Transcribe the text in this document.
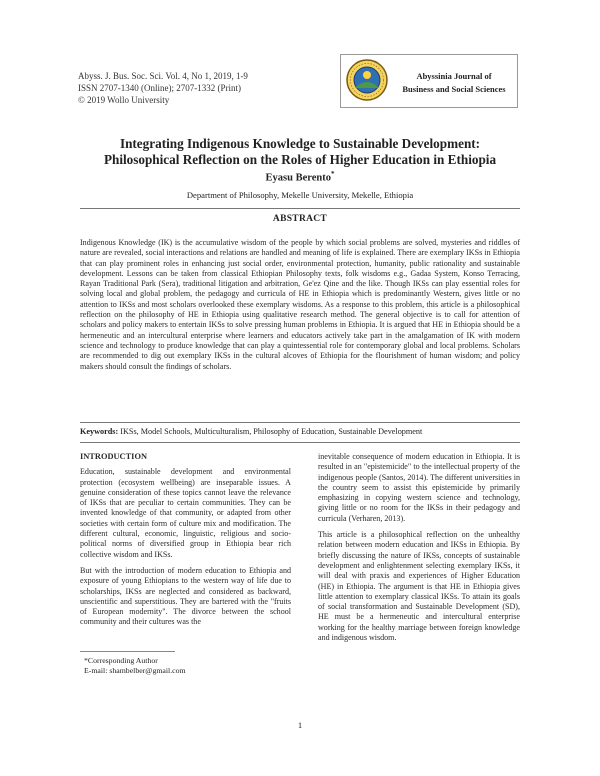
Abyss. J. Bus. Soc. Sci. Vol. 4, No 1, 2019, 1-9
ISSN 2707-1340 (Online); 2707-1332 (Print)
© 2019 Wollo University
Abyssinia Journal of
Business and Social Sciences
Integrating Indigenous Knowledge to Sustainable Development:
Philosophical Reflection on the Roles of Higher Education in Ethiopia
Eyasu Berento*
Department of Philosophy, Mekelle University, Mekelle, Ethiopia
ABSTRACT
Indigenous Knowledge (IK) is the accumulative wisdom of the people by which social problems are solved, mysteries and riddles of nature are revealed, social interactions and relations are handled and meaning of life is explained. There are exemplary IKSs in Ethiopia that can play prominent roles in enhancing just social order, environmental protection, humanity, public rationality and sustainable development. Lessons can be taken from classical Ethiopian Philosophy texts, folk wisdoms e.g., Gadaa System, Konso Terracing, Rayan Traditional Park (Sera), traditional litigation and arbitration, Ge'ez Qine and the like. Though IKSs can play essential roles for solving local and global problem, the pedagogy and curricula of HE in Ethiopia which is predominantly Western, gives little or no attention to IKSs and most scholars overlooked these exemplary wisdoms. As a response to this problem, this article is a philosophical reflection on the philosophy of HE in Ethiopia using qualitative research method. The general objective is to call for attention of scholars and policy makers to entertain IKSs to solve pressing human problems in Ethiopia. It is argued that HE in Ethiopia should be a hermeneutic and an intercultural enterprise where learners and educators actively take part in the amalgamation of IK with modern science and technology to produce knowledge that can play a quintessential role for contemporary global and local problems. Scholars are recommended to dig out exemplary IKSs in the cultural alcoves of Ethiopia for the flourishment of human wisdom; and policy makers should consult the findings of scholars.
Keywords: IKSs, Model Schools, Multiculturalism, Philosophy of Education, Sustainable Development

INTRODUCTION

Education, sustainable development and environmental protection (ecosystem wellbeing) are inseparable issues. A genuine consideration of these topics cannot leave the relevance of IKSs that are peculiar to certain communities. They can be invented knowledge of that community, or adapted from other societies with certain form of culture mix and modification. The different cultural, economic, linguistic, religious and socio-political norms of diversified group in Ethiopia bear rich collective wisdom and IKSs.

But with the introduction of modern education to Ethiopia and exposure of young Ethiopians to the western way of life due to scholarships, IKSs are neglected and considered as backward, unscientific and superstitious. They are bartered with the "fruits of European modernity". The divorce between the school community and their cultures was the

inevitable consequence of modern education in Ethiopia. It is resulted in an "epistemicide" to the intellectual property of the indigenous people (Santos, 2014). The different universities in the country seem to assist this epistemicide by primarily emphasizing in copying western science and technology, giving little or no room for the IKSs in their pedagogy and curricula (Verharen, 2013).

This article is a philosophical reflection on the unhealthy relation between modern education and IKSs in Ethiopia. By briefly discussing the nature of IKSs, concepts of sustainable development and enlightenment selecting exemplary IKSs, it will deal with praxis and experiences of Higher Education (HE) in Ethiopia. The argument is that HE in Ethiopia gives little attention to exemplary classical IKSs. To attain its goals of social transformation and Sustainable Development (SD), HE must be a hermeneutic and intercultural enterprise working for the healthy marriage between foreign knowledge and indigenous wisdom.

*Corresponding Author
E-mail: shambelber@gmail.com
1
